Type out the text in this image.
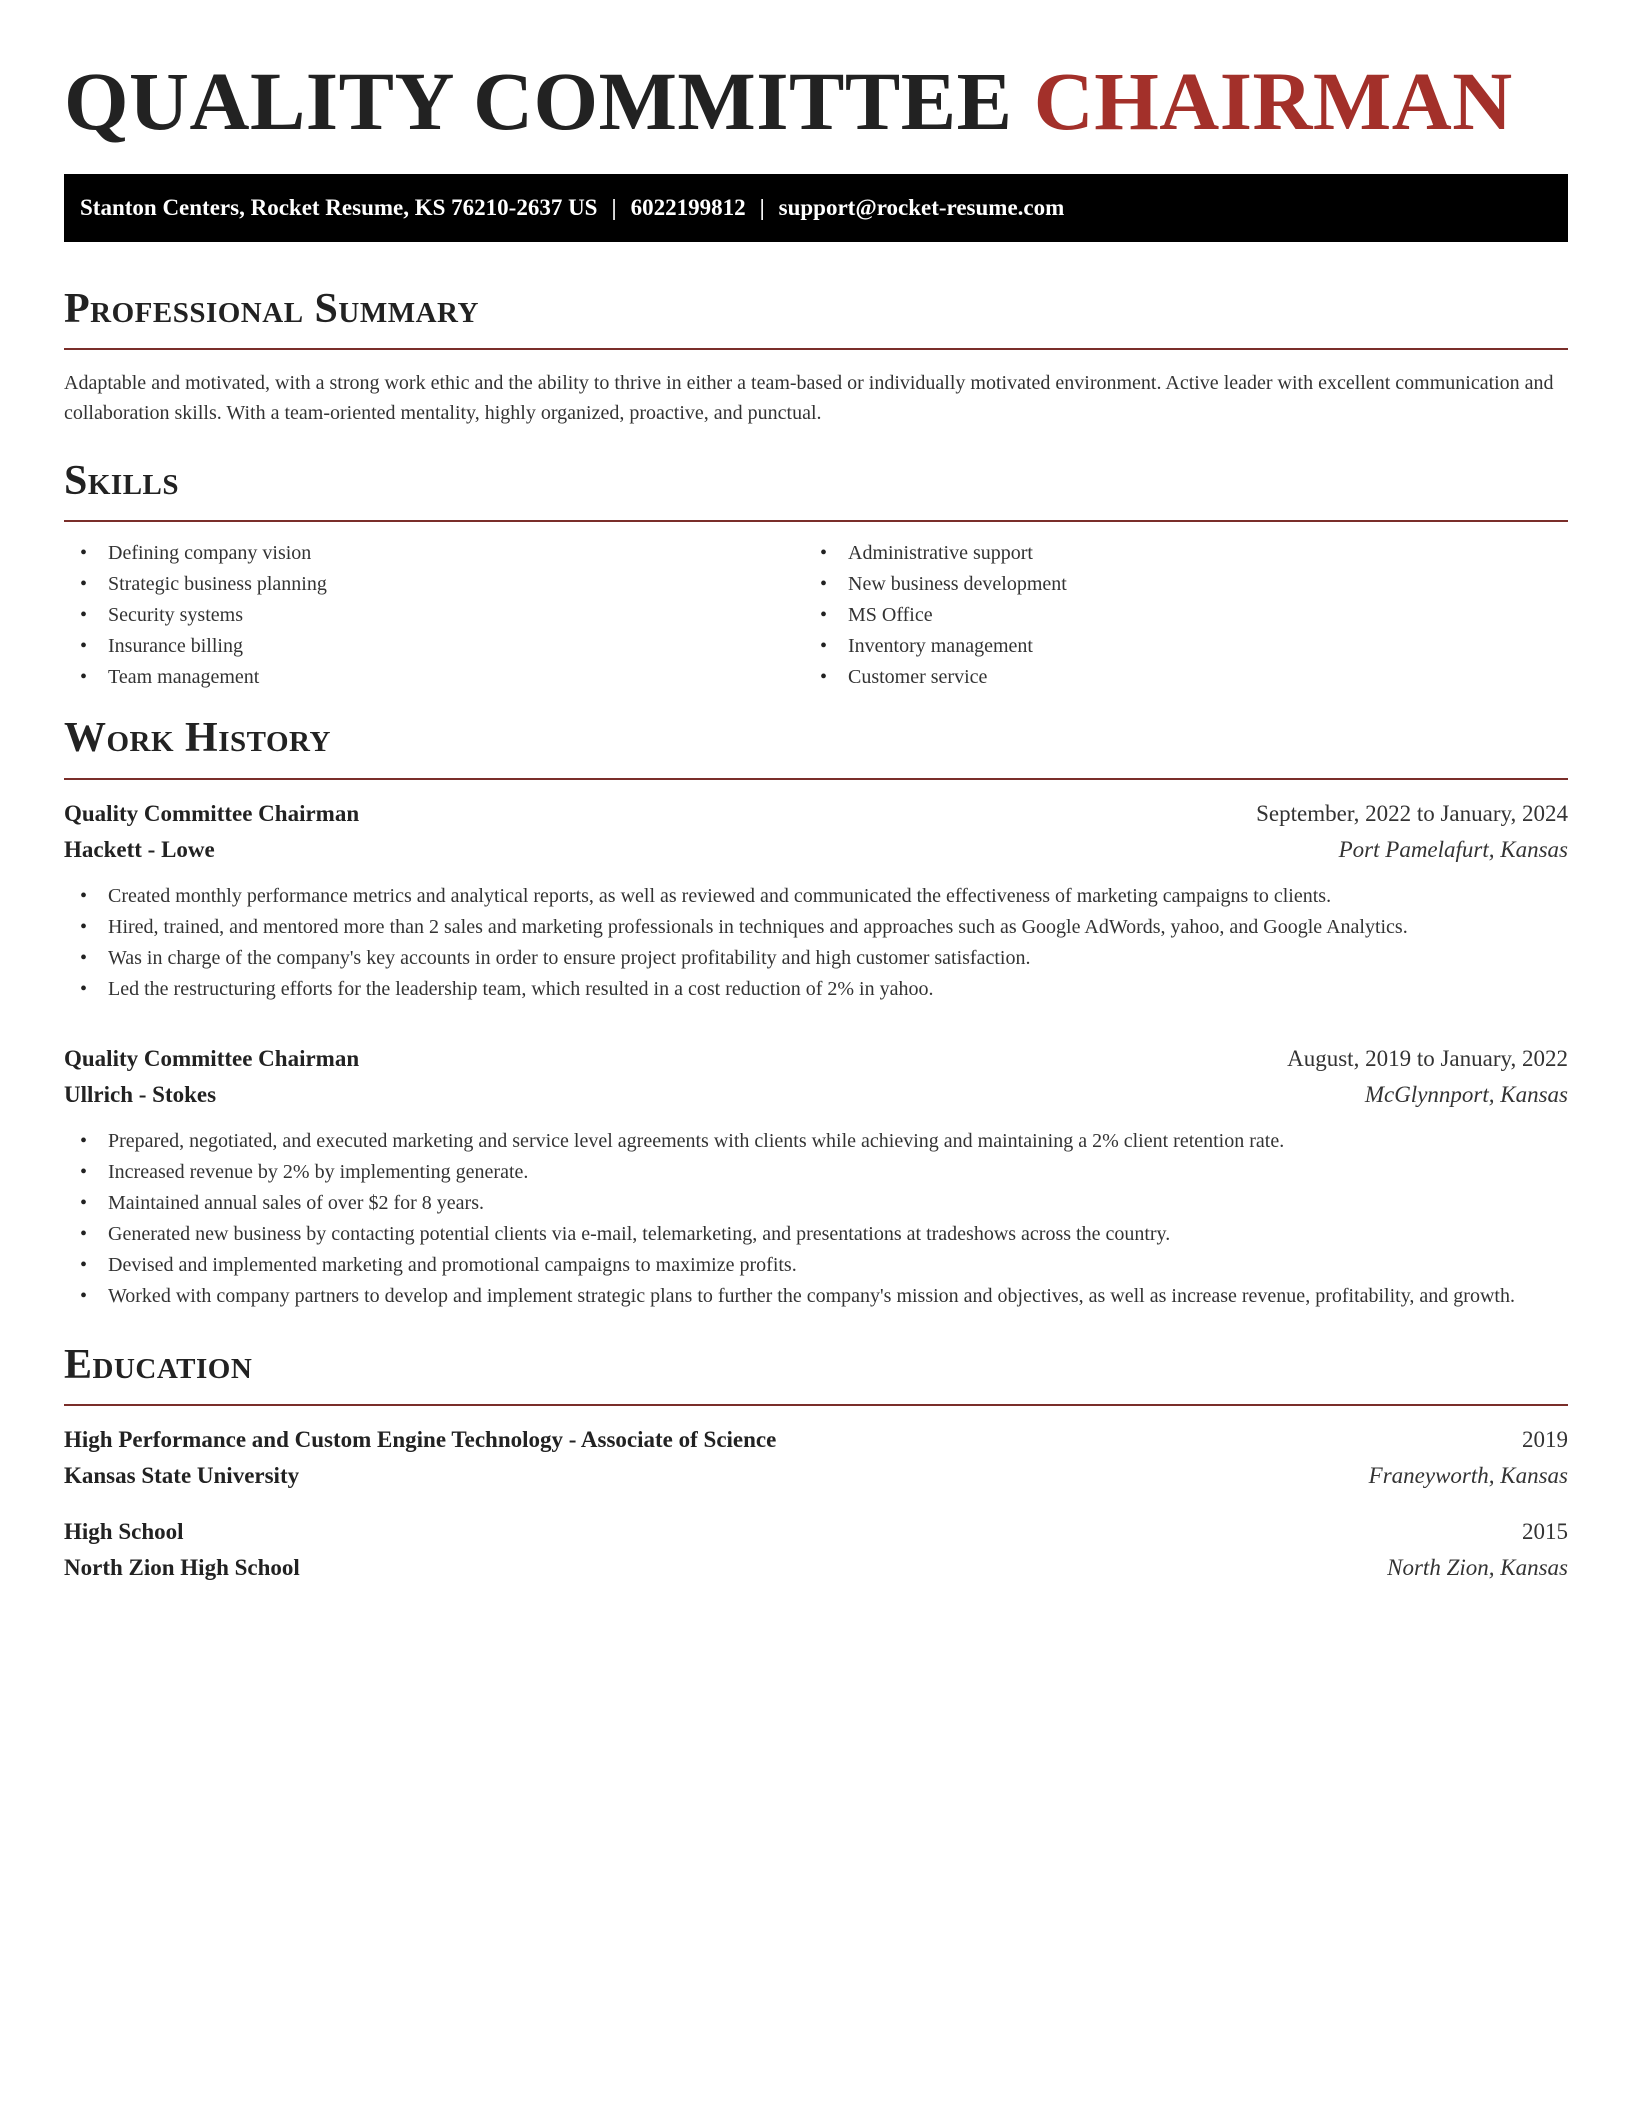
QUALITY COMMITTEE CHAIRMAN
Stanton Centers, Rocket Resume, KS 76210-2637 US | 6022199812 | support@rocket-resume.com
Professional Summary

Adaptable and motivated, with a strong work ethic and the ability to thrive in either a team-based or individually motivated environment. Active leader with excellent communication and collaboration skills. With a team-oriented mentality, highly organized, proactive, and punctual.

Skills
• Defining company vision
• Strategic business planning
• Security systems
• Insurance billing
• Team management
• Administrative support
• New business development
• MS Office
• Inventory management
• Customer service
Work History
Quality Committee Chairman	September, 2022 to January, 2024
Hackett - Lowe	Port Pamelafurt, Kansas
• Created monthly performance metrics and analytical reports, as well as reviewed and communicated the effectiveness of marketing campaigns to clients.
• Hired, trained, and mentored more than 2 sales and marketing professionals in techniques and approaches such as Google AdWords, yahoo, and Google Analytics.
• Was in charge of the company's key accounts in order to ensure project profitability and high customer satisfaction.
• Led the restructuring efforts for the leadership team, which resulted in a cost reduction of 2% in yahoo.
Quality Committee Chairman	August, 2019 to January, 2022
Ullrich - Stokes	McGlynnport, Kansas
• Prepared, negotiated, and executed marketing and service level agreements with clients while achieving and maintaining a 2% client retention rate.
• Increased revenue by 2% by implementing generate.
• Maintained annual sales of over $2 for 8 years.
• Generated new business by contacting potential clients via e-mail, telemarketing, and presentations at tradeshows across the country.
• Devised and implemented marketing and promotional campaigns to maximize profits.
• Worked with company partners to develop and implement strategic plans to further the company's mission and objectives, as well as increase revenue, profitability, and growth.
Education
High Performance and Custom Engine Technology - Associate of Science	2019
Kansas State University	Franeyworth, Kansas
High School	2015
North Zion High School	North Zion, Kansas
